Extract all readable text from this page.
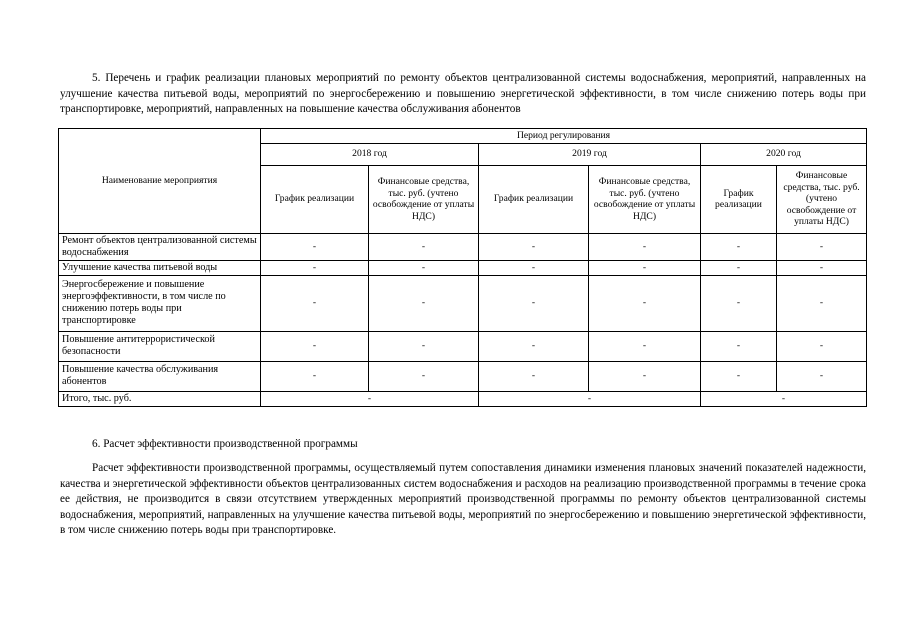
5. Перечень и график реализации плановых мероприятий по ремонту объектов централизованной системы водоснабжения, мероприятий, направленных на улучшение качества питьевой воды, мероприятий по энергосбережению и повышению энергетической эффективности, в том числе снижению потерь воды при транспортировке, мероприятий, направленных на повышение качества обслуживания абонентов

Наименование мероприятия	Период регулирования					
	2018 год		2019 год		2020 год	
	График реализации	Финансовые средства, тыс. руб. (учтено освобождение от уплаты НДС)	График реализации	Финансовые средства, тыс. руб. (учтено освобождение от уплаты НДС)	График реализации	Финансовые средства, тыс. руб. (учтено освобождение от уплаты НДС)
Ремонт объектов централизованной системы водоснабжения	-	-	-	-	-	-
Улучшение качества питьевой воды	-	-	-	-	-	-
Энергосбережение и повышение энергоэффективности, в том числе по снижению потерь воды при транспортировке	-	-	-	-	-	-
Повышение антитеррористической безопасности	-	-	-	-	-	-
Повышение качества обслуживания абонентов	-	-	-	-	-	-
Итого, тыс. руб.	-		-		-	

6. Расчет эффективности производственной программы

Расчет эффективности производственной программы, осуществляемый путем сопоставления динамики изменения плановых значений показателей надежности, качества и энергетической эффективности объектов централизованных систем водоснабжения и расходов на реализацию производственной программы в течение срока ее действия, не производится в связи отсутствием утвержденных мероприятий производственной программы по ремонту объектов централизованной системы водоснабжения, мероприятий, направленных на улучшение качества питьевой воды, мероприятий по энергосбережению и повышению энергетической эффективности, в том числе снижению потерь воды при транспортировке.
